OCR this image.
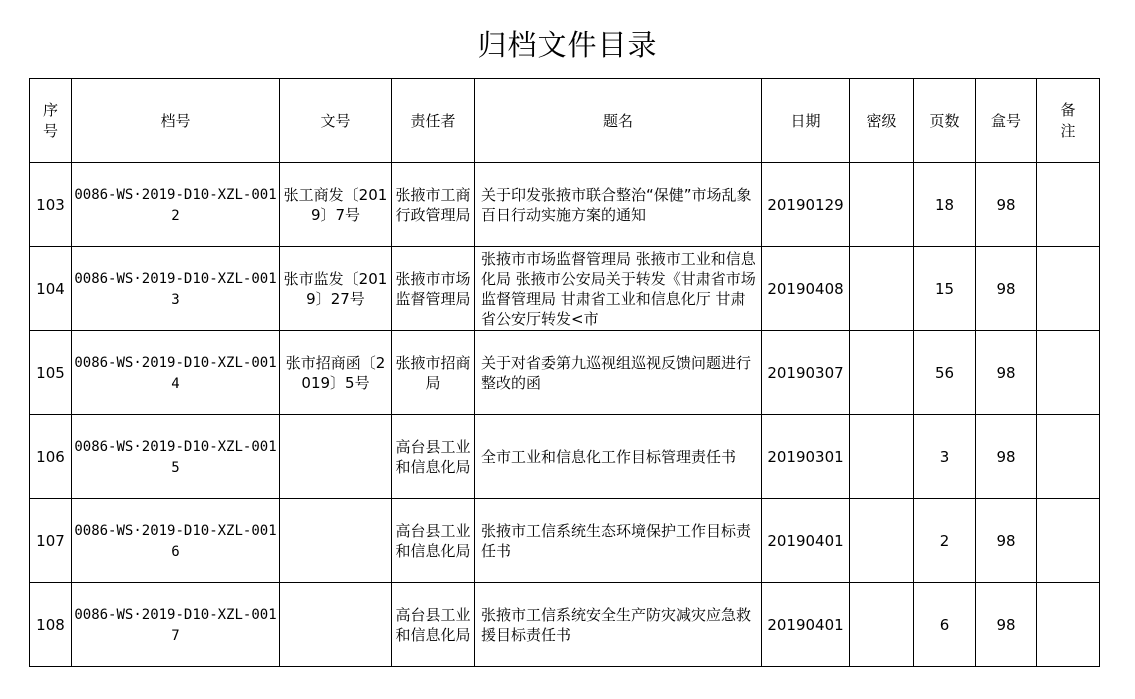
归档文件目录
序号	档号	文号	责任者	题名	日期	密级	页数	盒号	备注
103	0086-WS·2019-D10-XZL-0012	张工商发〔2019〕7号	张掖市工商行政管理局	关于印发张掖市联合整治“保健”市场乱象百日行动实施方案的通知	20190129		18	98	
104	0086-WS·2019-D10-XZL-0013	张市监发〔2019〕27号	张掖市市场监督管理局	张掖市市场监督管理局 张掖市工业和信息化局 张掖市公安局关于转发《甘肃省市场监督管理局 甘肃省工业和信息化厅 甘肃省公安厅转发<市	20190408		15	98	
105	0086-WS·2019-D10-XZL-0014	张市招商函〔2019〕5号	张掖市招商局	关于对省委第九巡视组巡视反馈问题进行整改的函	20190307		56	98	
106	0086-WS·2019-D10-XZL-0015		高台县工业和信息化局	全市工业和信息化工作目标管理责任书	20190301		3	98	
107	0086-WS·2019-D10-XZL-0016		高台县工业和信息化局	张掖市工信系统生态环境保护工作目标责任书	20190401		2	98	
108	0086-WS·2019-D10-XZL-0017		高台县工业和信息化局	张掖市工信系统安全生产防灾减灾应急救援目标责任书	20190401		6	98	
